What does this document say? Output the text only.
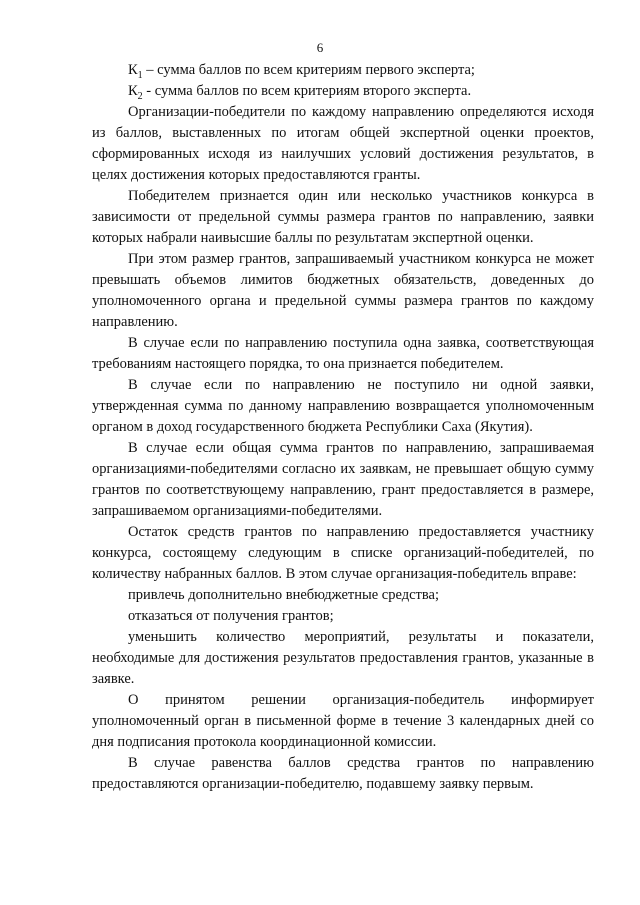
6

$К_1$ – сумма баллов по всем критериям первого эксперта;

$К_2$ - сумма баллов по всем критериям второго эксперта.

Организации-победители по каждому направлению определяются исходя из баллов, выставленных по итогам общей экспертной оценки проектов, сформированных исходя из наилучших условий достижения результатов, в целях достижения которых предоставляются гранты.

Победителем признается один или несколько участников конкурса в зависимости от предельной суммы размера грантов по направлению, заявки которых набрали наивысшие баллы по результатам экспертной оценки.

При этом размер грантов, запрашиваемый участником конкурса не может превышать объемов лимитов бюджетных обязательств, доведенных до уполномоченного органа и предельной суммы размера грантов по каждому направлению.

В случае если по направлению поступила одна заявка, соответствующая требованиям настоящего порядка, то она признается победителем.

В случае если по направлению не поступило ни одной заявки, утвержденная сумма по данному направлению возвращается уполномоченным органом в доход государственного бюджета Республики Саха (Якутия).

В случае если общая сумма грантов по направлению, запрашиваемая организациями-победителями согласно их заявкам, не превышает общую сумму грантов по соответствующему направлению, грант предоставляется в размере, запрашиваемом организациями-победителями.

Остаток средств грантов по направлению предоставляется участнику конкурса, состоящему следующим в списке организаций-победителей, по количеству набранных баллов. В этом случае организация-победитель вправе:

привлечь дополнительно внебюджетные средства;

отказаться от получения грантов;

уменьшить количество мероприятий, результаты и показатели, необходимые для достижения результатов предоставления грантов, указанные в заявке.

О принятом решении организация-победитель информирует уполномоченный орган в письменной форме в течение 3 календарных дней со дня подписания протокола координационной комиссии.

В случае равенства баллов средства грантов по направлению предоставляются организации-победителю, подавшему заявку первым.
